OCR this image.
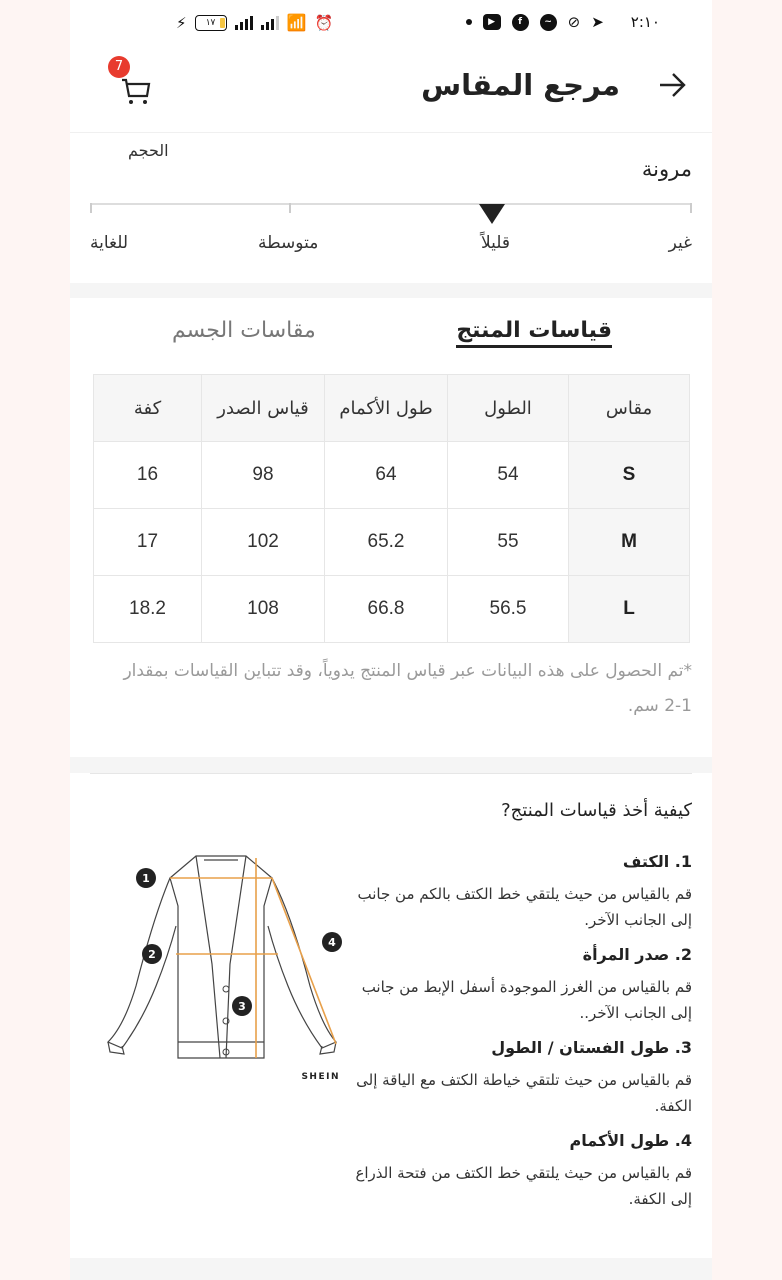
⚡ ١٧	📶 ⏰	▶	f	~	⊘ ➤ ٢:١٠
مرجع المقاس
7
الحجم
مرونة
غير
قليلاً
متوسطة
للغاية
قياسات المنتج
مقاسات الجسم
مقاس	الطول	طول الأكمام	قياس الصدر	كفة
S	54	64	98	16
M	55	65.2	102	17
L	56.5	66.8	108	18.2
*تم الحصول على هذه البيانات عبر قياس المنتج يدوياً، وقد تتباين القياسات بمقدار 1-2 سم.
كيفية أخذ قياسات المنتج?
1
2
3
4
SHEIN
1. الكتف
قم بالقياس من حيث يلتقي خط الكتف بالكم من جانب إلى الجانب الآخر.
2. صدر المرأة
قم بالقياس من الغرز الموجودة أسفل الإبط من جانب إلى الجانب الآخر..
3. طول الفستان / الطول
قم بالقياس من حيث تلتقي خياطة الكتف مع الياقة إلى الكفة.
4. طول الأكمام
قم بالقياس من حيث يلتقي خط الكتف من فتحة الذراع إلى الكفة.
